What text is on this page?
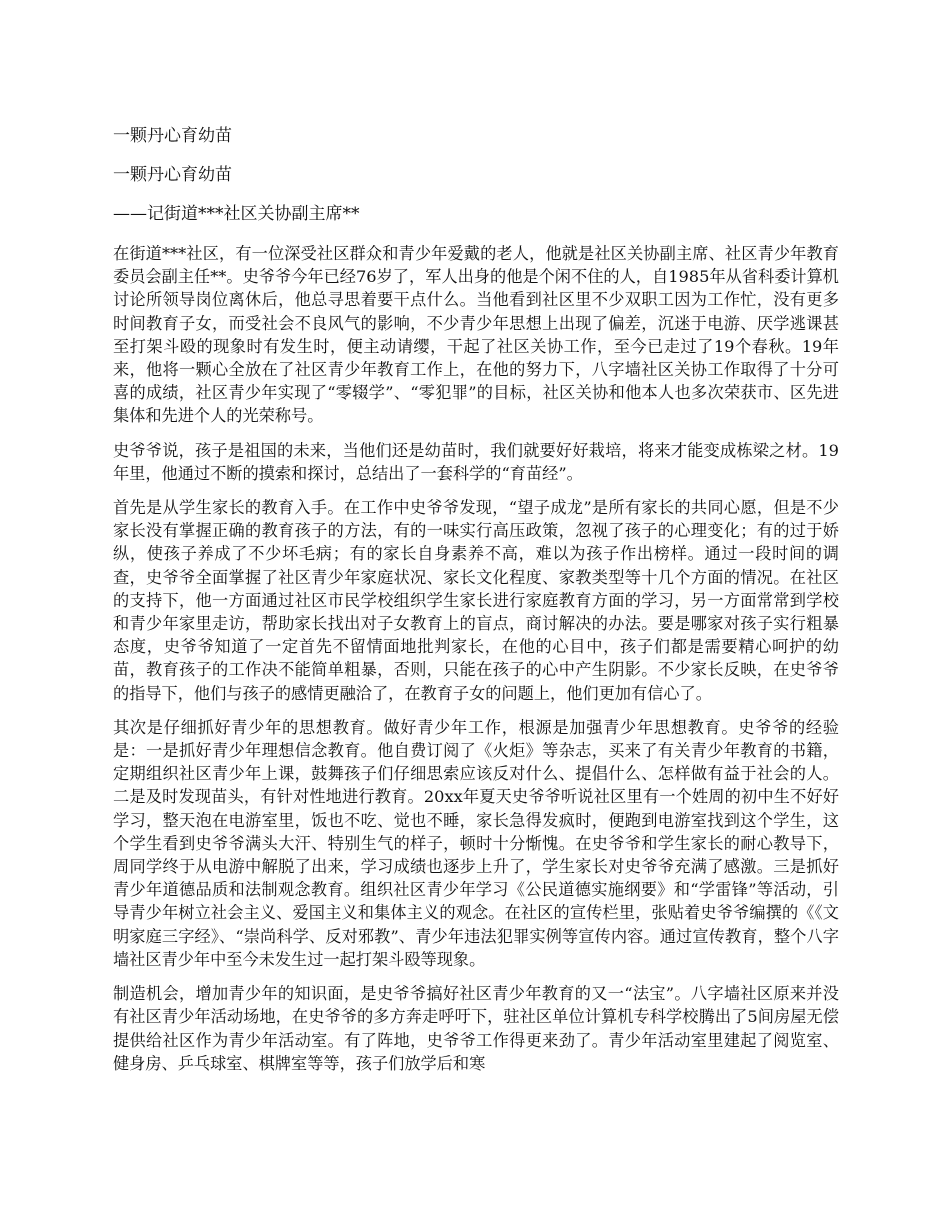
一颗丹心育幼苗

一颗丹心育幼苗

——记街道***社区关协副主席**

在街道***社区，有一位深受社区群众和青少年爱戴的老人，他就是社区关协副主席、社区青少年教育委员会副主任**。史爷爷今年已经76岁了，军人出身的他是个闲不住的人，自1985年从省科委计算机讨论所领导岗位离休后，他总寻思着要干点什么。当他看到社区里不少双职工因为工作忙，没有更多时间教育子女，而受社会不良风气的影响，不少青少年思想上出现了偏差，沉迷于电游、厌学逃课甚至打架斗殴的现象时有发生时，便主动请缨，干起了社区关协工作，至今已走过了19个春秋。19年来，他将一颗心全放在了社区青少年教育工作上，在他的努力下，八字墙社区关协工作取得了十分可喜的成绩，社区青少年实现了“零辍学”、“零犯罪”的目标，社区关协和他本人也多次荣获市、区先进集体和先进个人的光荣称号。

史爷爷说，孩子是祖国的未来，当他们还是幼苗时，我们就要好好栽培，将来才能变成栋梁之材。19年里，他通过不断的摸索和探讨，总结出了一套科学的“育苗经”。

首先是从学生家长的教育入手。在工作中史爷爷发现，“望子成龙”是所有家长的共同心愿，但是不少家长没有掌握正确的教育孩子的方法，有的一味实行高压政策，忽视了孩子的心理变化；有的过于娇纵，使孩子养成了不少坏毛病；有的家长自身素养不高，难以为孩子作出榜样。通过一段时间的调查，史爷爷全面掌握了社区青少年家庭状况、家长文化程度、家教类型等十几个方面的情况。在社区的支持下，他一方面通过社区市民学校组织学生家长进行家庭教育方面的学习，另一方面常常到学校和青少年家里走访，帮助家长找出对子女教育上的盲点，商讨解决的办法。要是哪家对孩子实行粗暴态度，史爷爷知道了一定首先不留情面地批判家长，在他的心目中，孩子们都是需要精心呵护的幼苗，教育孩子的工作决不能简单粗暴，否则，只能在孩子的心中产生阴影。不少家长反映，在史爷爷的指导下，他们与孩子的感情更融洽了，在教育子女的问题上，他们更加有信心了。

其次是仔细抓好青少年的思想教育。做好青少年工作，根源是加强青少年思想教育。史爷爷的经验是：一是抓好青少年理想信念教育。他自费订阅了《火炬》等杂志，买来了有关青少年教育的书籍，定期组织社区青少年上课，鼓舞孩子们仔细思索应该反对什么、提倡什么、怎样做有益于社会的人。二是及时发现苗头，有针对性地进行教育。20xx年夏天史爷爷听说社区里有一个姓周的初中生不好好学习，整天泡在电游室里，饭也不吃、觉也不睡，家长急得发疯时，便跑到电游室找到这个学生，这个学生看到史爷爷满头大汗、特别生气的样子，顿时十分惭愧。在史爷爷和学生家长的耐心教导下，周同学终于从电游中解脱了出来，学习成绩也逐步上升了，学生家长对史爷爷充满了感激。三是抓好青少年道德品质和法制观念教育。组织社区青少年学习《公民道德实施纲要》和“学雷锋”等活动，引导青少年树立社会主义、爱国主义和集体主义的观念。在社区的宣传栏里，张贴着史爷爷编撰的《《文明家庭三字经》、“崇尚科学、反对邪教”、青少年违法犯罪实例等宣传内容。通过宣传教育，整个八字墙社区青少年中至今未发生过一起打架斗殴等现象。

制造机会，增加青少年的知识面，是史爷爷搞好社区青少年教育的又一“法宝”。八字墙社区原来并没有社区青少年活动场地，在史爷爷的多方奔走呼吁下，驻社区单位计算机专科学校腾出了5间房屋无偿提供给社区作为青少年活动室。有了阵地，史爷爷工作得更来劲了。青少年活动室里建起了阅览室、健身房、乒乓球室、棋牌室等等，孩子们放学后和寒
